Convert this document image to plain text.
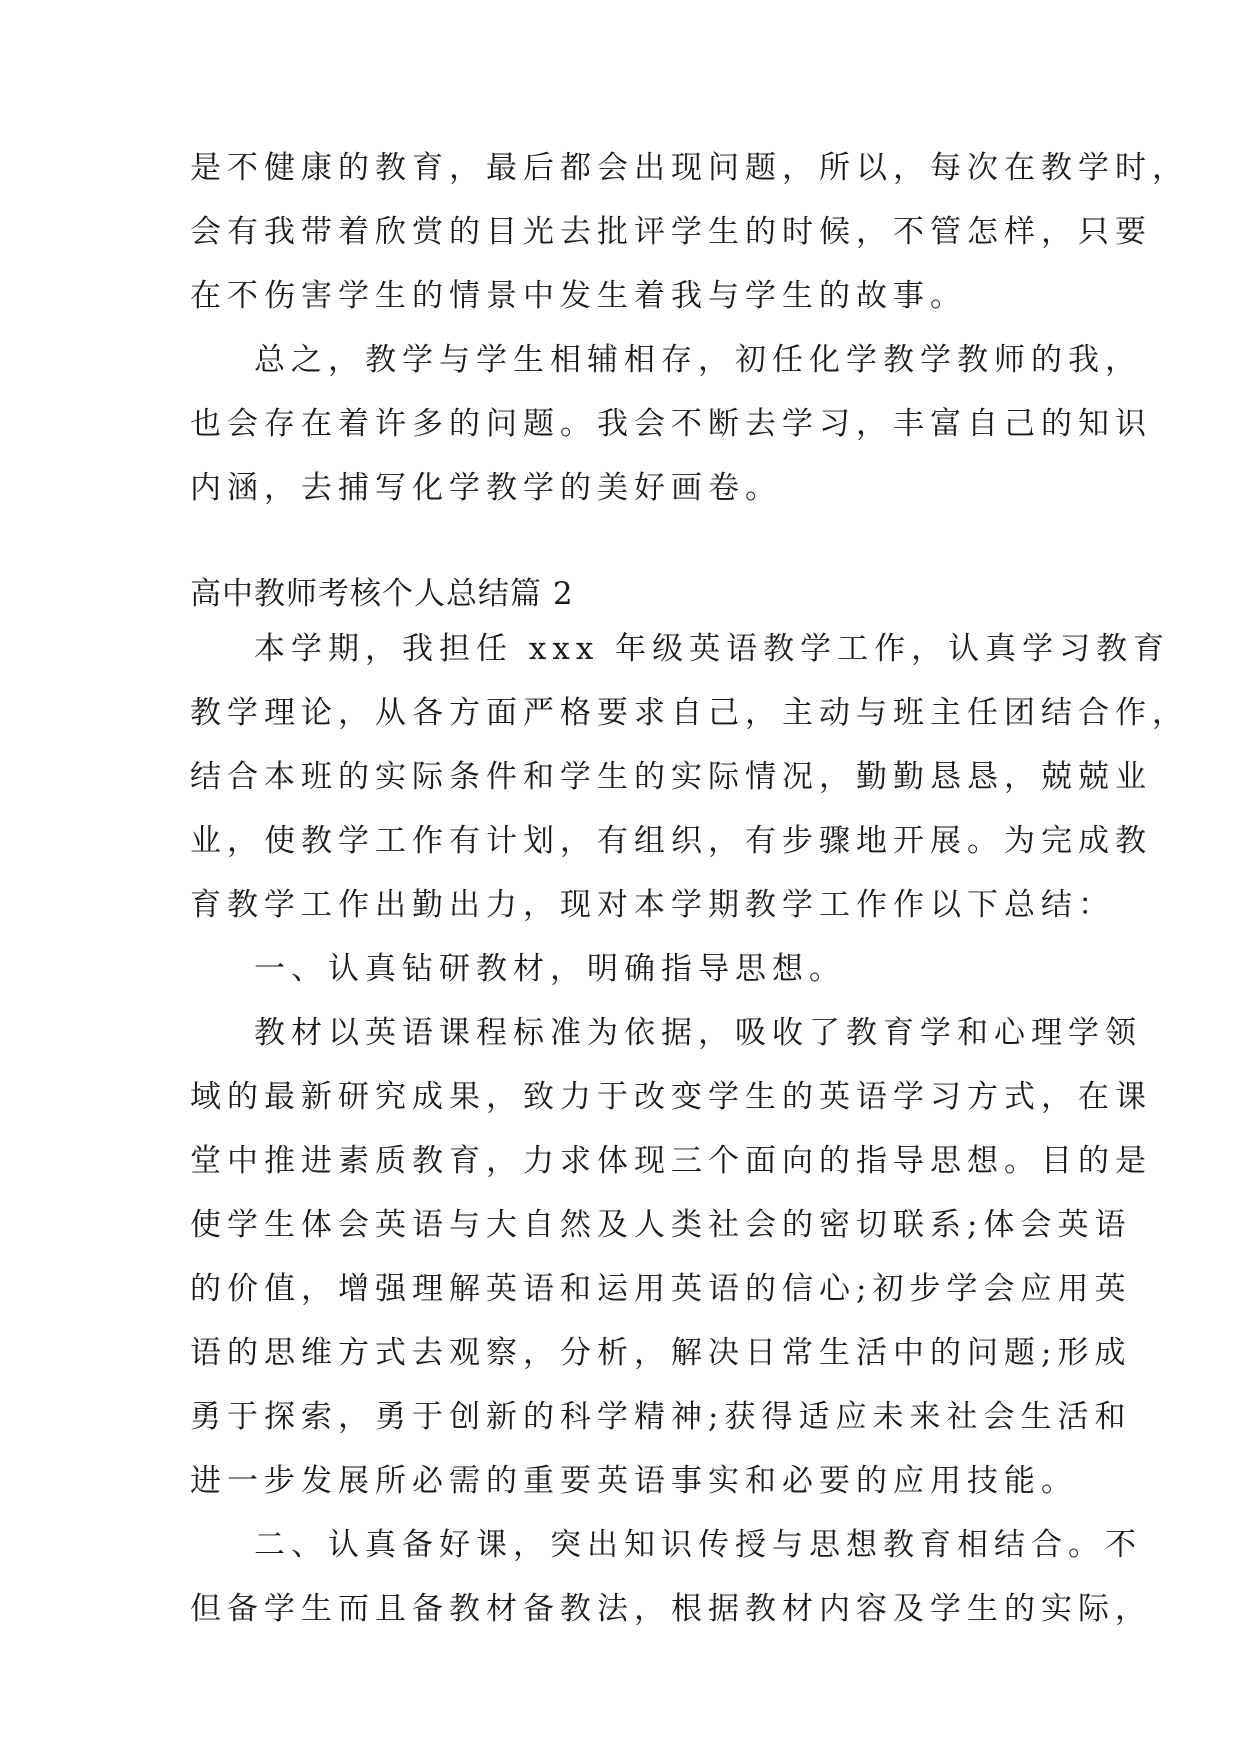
是不健康的教育，最后都会出现问题，所以，每次在教学时，
会有我带着欣赏的目光去批评学生的时候，不管怎样，只要
在不伤害学生的情景中发生着我与学生的故事。
总之，教学与学生相辅相存，初任化学教学教师的我，
也会存在着许多的问题。我会不断去学习，丰富自己的知识
内涵，去捕写化学教学的美好画卷。
高中教师考核个人总结篇 2
本学期，我担任 xxx 年级英语教学工作，认真学习教育
教学理论，从各方面严格要求自己，主动与班主任团结合作，
结合本班的实际条件和学生的实际情况，勤勤恳恳，兢兢业
业，使教学工作有计划，有组织，有步骤地开展。为完成教
育教学工作出勤出力，现对本学期教学工作作以下总结：
一、认真钻研教材，明确指导思想。
教材以英语课程标准为依据，吸收了教育学和心理学领
域的最新研究成果，致力于改变学生的英语学习方式，在课
堂中推进素质教育，力求体现三个面向的指导思想。目的是
使学生体会英语与大自然及人类社会的密切联系;体会英语
的价值，增强理解英语和运用英语的信心;初步学会应用英
语的思维方式去观察，分析，解决日常生活中的问题;形成
勇于探索，勇于创新的科学精神;获得适应未来社会生活和
进一步发展所必需的重要英语事实和必要的应用技能。
二、认真备好课，突出知识传授与思想教育相结合。不
但备学生而且备教材备教法，根据教材内容及学生的实际，
